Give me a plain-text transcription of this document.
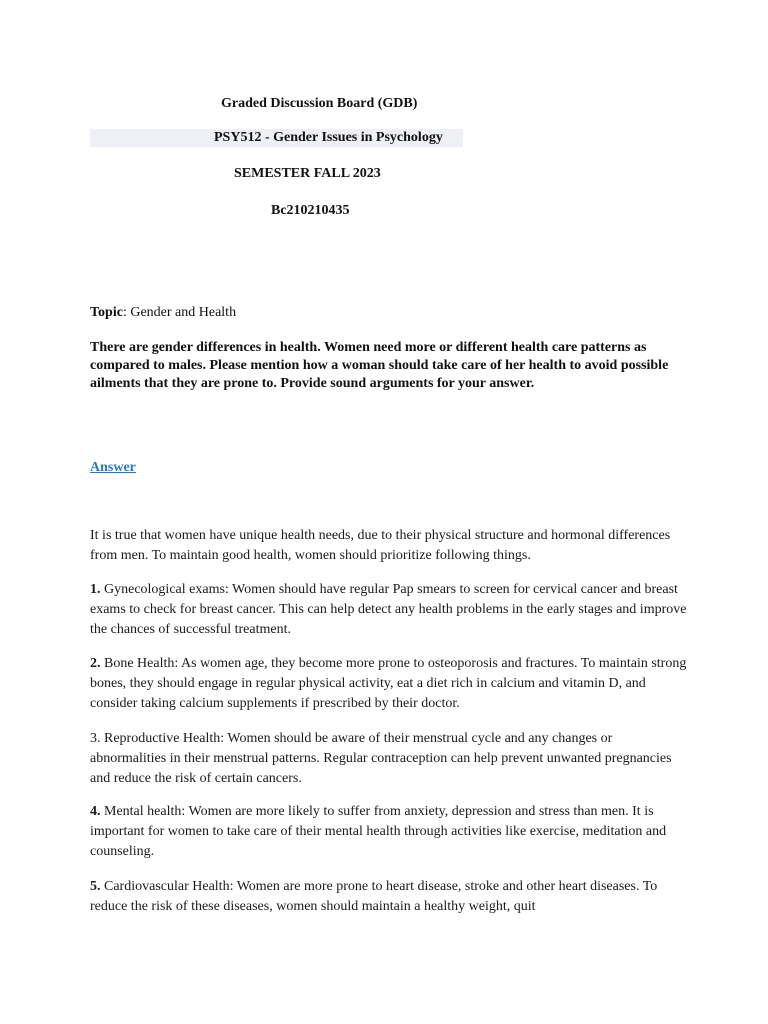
Graded Discussion Board (GDB)
PSY512 - Gender Issues in Psychology
SEMESTER FALL 2023
Bc210210435
Topic: Gender and Health
There are gender differences in health. Women need more or different health care patterns as compared to males. Please mention how a woman should take care of her health to avoid possible ailments that they are prone to. Provide sound arguments for your answer.
Answer
It is true that women have unique health needs, due to their physical structure and hormonal differences from men. To maintain good health, women should prioritize following things.
1. Gynecological exams: Women should have regular Pap smears to screen for cervical cancer and breast exams to check for breast cancer. This can help detect any health problems in the early stages and improve the chances of successful treatment.
2. Bone Health: As women age, they become more prone to osteoporosis and fractures. To maintain strong bones, they should engage in regular physical activity, eat a diet rich in calcium and vitamin D, and consider taking calcium supplements if prescribed by their doctor.
3. Reproductive Health: Women should be aware of their menstrual cycle and any changes or abnormalities in their menstrual patterns. Regular contraception can help prevent unwanted pregnancies and reduce the risk of certain cancers.
4. Mental health: Women are more likely to suffer from anxiety, depression and stress than men. It is important for women to take care of their mental health through activities like exercise, meditation and counseling.
5. Cardiovascular Health: Women are more prone to heart disease, stroke and other heart diseases. To reduce the risk of these diseases, women should maintain a healthy weight, quit
